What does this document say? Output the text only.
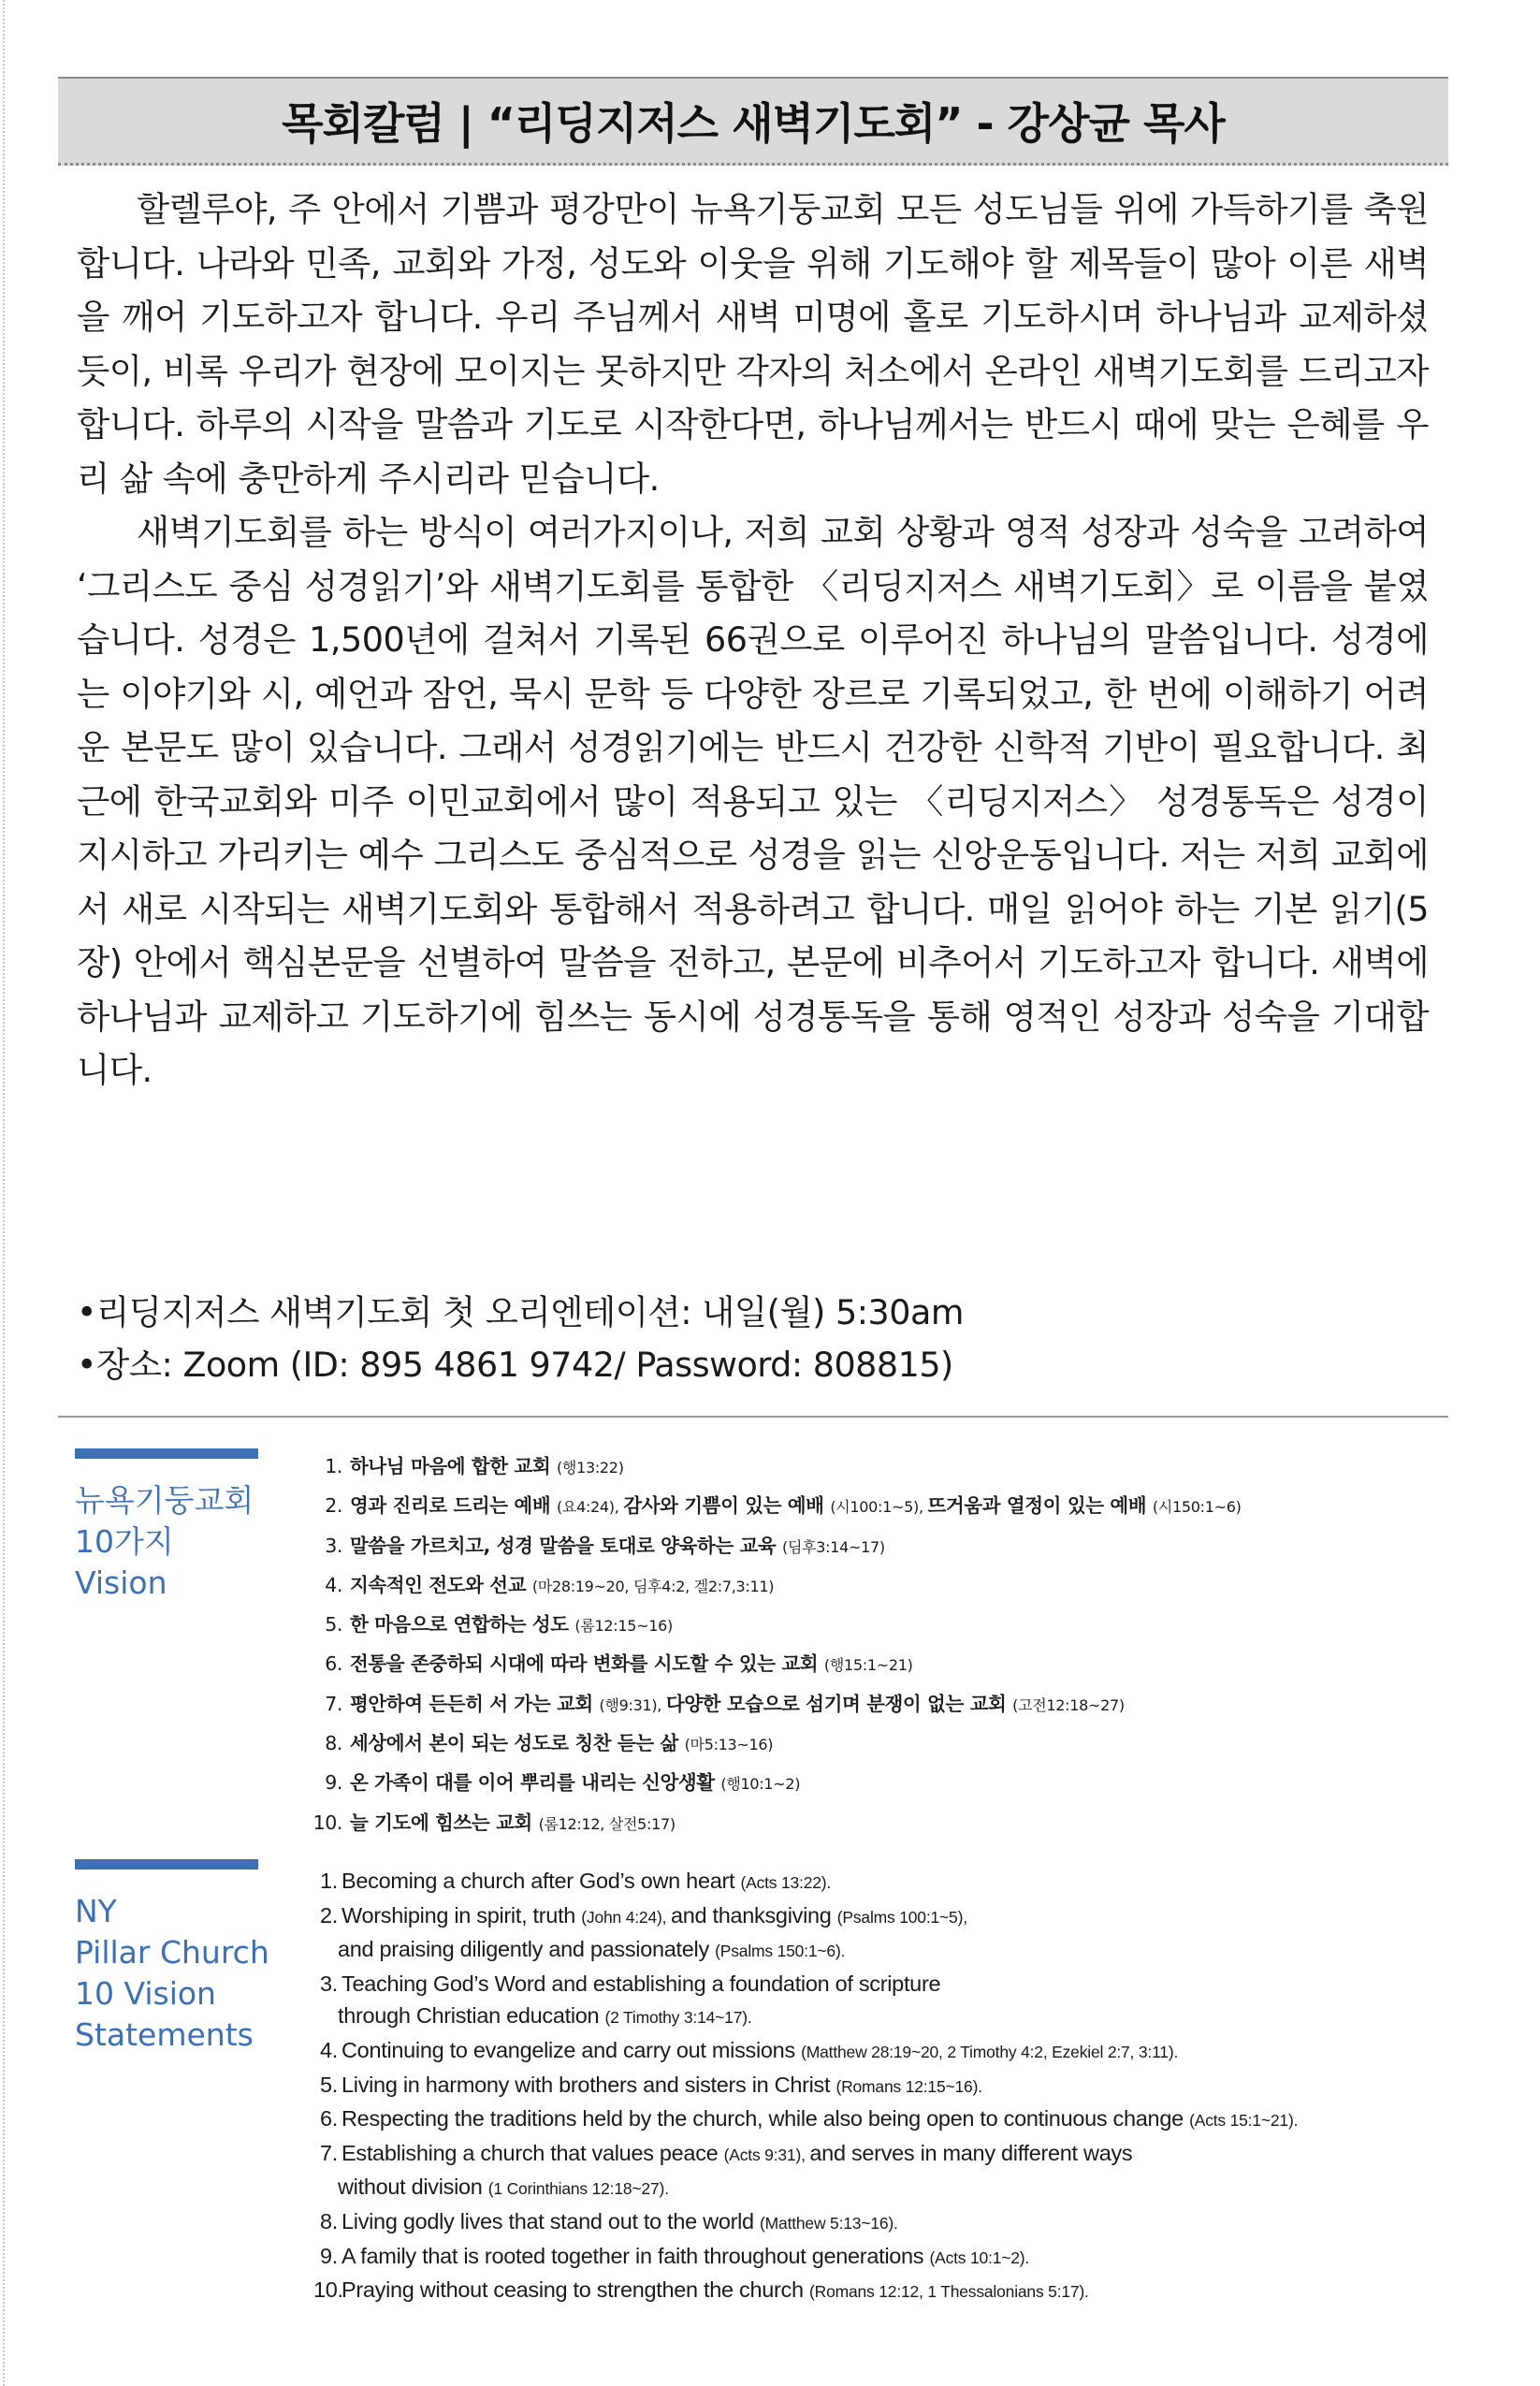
목회칼럼 | “리딩지저스 새벽기도회” - 강상균 목사

할렐루야, 주 안에서 기쁨과 평강만이 뉴욕기둥교회 모든 성도님들 위에 가득하기를 축원합니다. 나라와 민족, 교회와 가정, 성도와 이웃을 위해 기도해야 할 제목들이 많아 이른 새벽을 깨어 기도하고자 합니다. 우리 주님께서 새벽 미명에 홀로 기도하시며 하나님과 교제하셨듯이, 비록 우리가 현장에 모이지는 못하지만 각자의 처소에서 온라인 새벽기도회를 드리고자 합니다. 하루의 시작을 말씀과 기도로 시작한다면, 하나님께서는 반드시 때에 맞는 은혜를 우리 삶 속에 충만하게 주시리라 믿습니다.

새벽기도회를 하는 방식이 여러가지이나, 저희 교회 상황과 영적 성장과 성숙을 고려하여 ‘그리스도 중심 성경읽기’와 새벽기도회를 통합한 〈리딩지저스 새벽기도회〉로 이름을 붙였습니다. 성경은 1,500년에 걸쳐서 기록된 66권으로 이루어진 하나님의 말씀입니다. 성경에는 이야기와 시, 예언과 잠언, 묵시 문학 등 다양한 장르로 기록되었고, 한 번에 이해하기 어려운 본문도 많이 있습니다. 그래서 성경읽기에는 반드시 건강한 신학적 기반이 필요합니다. 최근에 한국교회와 미주 이민교회에서 많이 적용되고 있는 〈리딩지저스〉 성경통독은 성경이 지시하고 가리키는 예수 그리스도 중심적으로 성경을 읽는 신앙운동입니다. 저는 저희 교회에서 새로 시작되는 새벽기도회와 통합해서 적용하려고 합니다. 매일 읽어야 하는 기본 읽기(5장) 안에서 핵심본문을 선별하여 말씀을 전하고, 본문에 비추어서 기도하고자 합니다. 새벽에 하나님과 교제하고 기도하기에 힘쓰는 동시에 성경통독을 통해 영적인 성장과 성숙을 기대합니다.

•리딩지저스 새벽기도회 첫 오리엔테이션: 내일(월) 5:30am
•장소: Zoom (ID: 895 4861 9742/ Password: 808815)
뉴욕기둥교회
10가지
Vision
1. 하나님 마음에 합한 교회 (행13:22)
2. 영과 진리로 드리는 예배 (요4:24), 감사와 기쁨이 있는 예배 (시100:1~5), 뜨거움과 열정이 있는 예배 (시150:1~6)
3. 말씀을 가르치고, 성경 말씀을 토대로 양육하는 교육 (딤후3:14~17)
4. 지속적인 전도와 선교 (마28:19~20, 딤후4:2, 겔2:7,3:11)
5. 한 마음으로 연합하는 성도 (롬12:15~16)
6. 전통을 존중하되 시대에 따라 변화를 시도할 수 있는 교회 (행15:1~21)
7. 평안하여 든든히 서 가는 교회 (행9:31), 다양한 모습으로 섬기며 분쟁이 없는 교회 (고전12:18~27)
8. 세상에서 본이 되는 성도로 칭찬 듣는 삶 (마5:13~16)
9. 온 가족이 대를 이어 뿌리를 내리는 신앙생활 (행10:1~2)
10. 늘 기도에 힘쓰는 교회 (롬12:12, 살전5:17)
NY
Pillar Church
10 Vision
Statements
1. Becoming a church after God’s own heart (Acts 13:22).
2. Worshiping in spirit, truth (John 4:24), and thanksgiving (Psalms 100:1~5),
and praising diligently and passionately (Psalms 150:1~6).
3. Teaching God’s Word and establishing a foundation of scripture
through Christian education (2 Timothy 3:14~17).
4. Continuing to evangelize and carry out missions (Matthew 28:19~20, 2 Timothy 4:2, Ezekiel 2:7, 3:11).
5. Living in harmony with brothers and sisters in Christ (Romans 12:15~16).
6. Respecting the traditions held by the church, while also being open to continuous change (Acts 15:1~21).
7. Establishing a church that values peace (Acts 9:31), and serves in many different ways
without division (1 Corinthians 12:18~27).
8. Living godly lives that stand out to the world (Matthew 5:13~16).
9. A family that is rooted together in faith throughout generations (Acts 10:1~2).
10.Praying without ceasing to strengthen the church (Romans 12:12, 1 Thessalonians 5:17).
